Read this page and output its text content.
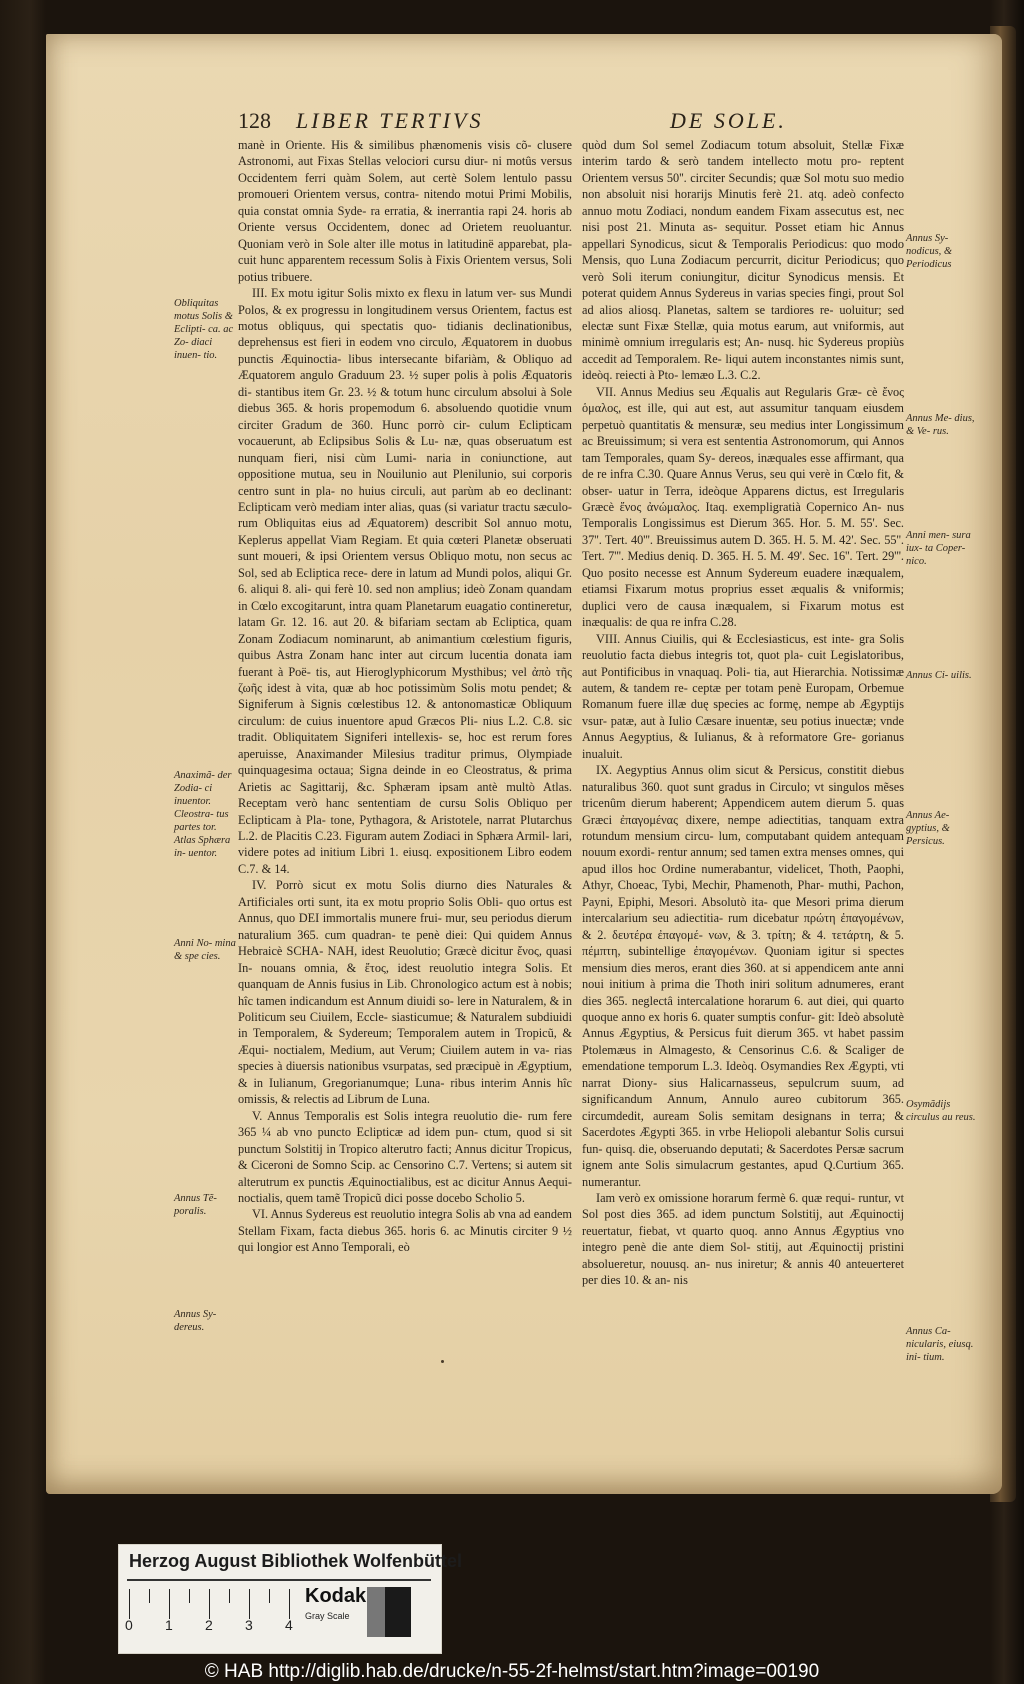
128 LIBER TERTIVS	DE SOLE.

manè in Oriente. His & similibus phænomenis visis cõ- clusere Astronomi, aut Fixas Stellas velociori cursu diur- ni motûs versus Occidentem ferri quàm Solem, aut certè Solem lentulo passu promoueri Orientem versus, contra- nitendo motui Primi Mobilis, quia constat omnia Syde- ra erratia, & inerrantia rapi 24. horis ab Oriente versus Occidentem, donec ad Orietem reuoluantur. Quoniam verò in Sole alter ille motus in latitudinë apparebat, pla- cuit hunc apparentem recessum Solis à Fixis Orientem versus, Soli potius tribuere.

III. Ex motu igitur Solis mixto ex flexu in latum ver- sus Mundi Polos, & ex progressu in longitudinem versus Orientem, factus est motus obliquus, qui spectatis quo- tidianis declinationibus, deprehensus est fieri in eodem vno circulo, Æquatorem in duobus punctis Æquinoctia- libus intersecante bifariàm, & Obliquo ad Æquatorem angulo Graduum 23. ½ super polis à polis Æquatoris di- stantibus item Gr. 23. ½ & totum hunc circulum absolui à Sole diebus 365. & horis propemodum 6. absoluendo quotidie vnum circiter Gradum de 360. Hunc porrò cir- culum Eclipticam vocauerunt, ab Eclipsibus Solis & Lu- næ, quas obseruatum est nunquam fieri, nisi cùm Lumi- naria in coniunctione, aut oppositione mutua, seu in Nouilunio aut Plenilunio, sui corporis centro sunt in pla- no huius circuli, aut parùm ab eo declinant: Eclipticam verò mediam inter alias, quas (si variatur tractu sæculo- rum Obliquitas eius ad Æquatorem) describit Sol annuo motu, Keplerus appellat Viam Regiam. Et quia cœteri Planetæ obseruati sunt moueri, & ipsi Orientem versus Obliquo motu, non secus ac Sol, sed ab Ecliptica rece- dere in latum ad Mundi polos, aliqui Gr. 6. aliqui 8. ali- qui ferè 10. sed non amplius; ideò Zonam quandam in Cœlo excogitarunt, intra quam Planetarum euagatio contineretur, latam Gr. 12. 16. aut 20. & bifariam sectam ab Ecliptica, quam Zonam Zodiacum nominarunt, ab animantium cœlestium figuris, quibus Astra Zonam hanc inter aut circum lucentia donata iam fuerant à Poë- tis, aut Hieroglyphicorum Mysthibus; vel ἀπὸ τῆς ζωῆς idest à vita, quæ ab hoc potissimùm Solis motu pendet; & Signiferum à Signis cœlestibus 12. & antonomasticæ Obliquum circulum: de cuius inuentore apud Græcos Pli- nius L.2. C.8. sic tradit. Obliquitatem Signiferi intellexis- se, hoc est rerum fores aperuisse, Anaximander Milesius traditur primus, Olympiade quinquagesima octaua; Signa deinde in eo Cleostratus, & prima Arietis ac Sagittarij, &c. Sphæram ipsam antè multò Atlas. Receptam verò hanc sententiam de cursu Solis Obliquo per Eclipticam à Pla- tone, Pythagora, & Aristotele, narrat Plutarchus L.2. de Placitis C.23. Figuram autem Zodiaci in Sphæra Armil- lari, videre potes ad initium Libri 1. eiusq. expositionem Libro eodem C.7. & 14.

IV. Porrò sicut ex motu Solis diurno dies Naturales & Artificiales orti sunt, ita ex motu proprio Solis Obli- quo ortus est Annus, quo DEI immortalis munere frui- mur, seu periodus dierum naturalium 365. cum quadran- te penè diei: Qui quidem Annus Hebraicè SCHA- NAH, idest Reuolutio; Græcè dicitur ἔνος, quasi In- nouans omnia, & ἔτος, idest reuolutio integra Solis. Et quanquam de Annis fusius in Lib. Chronologico actum est à nobis; hîc tamen indicandum est Annum diuidi so- lere in Naturalem, & in Politicum seu Ciuilem, Eccle- siasticumue; & Naturalem subdiuidi in Temporalem, & Sydereum; Temporalem autem in Tropicũ, & Æqui- noctialem, Medium, aut Verum; Ciuilem autem in va- rias species à diuersis nationibus vsurpatas, sed præcipuè in Ægyptium, & in Iulianum, Gregorianumque; Luna- ribus interim Annis hîc omissis, & relectis ad Librum de Luna.

V. Annus Temporalis est Solis integra reuolutio die- rum fere 365 ¼ ab vno puncto Eclipticæ ad idem pun- ctum, quod si sit punctum Solstitij in Tropico alterutro facti; Annus dicitur Tropicus, & Ciceroni de Somno Scip. ac Censorino C.7. Vertens; si autem sit alterutrum ex punctis Æquinoctialibus, est ac dicitur Annus Aequi- noctialis, quem tamẽ Tropicũ dici posse docebo Scholio 5.

VI. Annus Sydereus est reuolutio integra Solis ab vna ad eandem Stellam Fixam, facta diebus 365. horis 6. ac Minutis circiter 9 ½ qui longior est Anno Temporali, eò

quòd dum Sol semel Zodiacum totum absoluit, Stellæ Fixæ interim tardo & serò tandem intellecto motu pro- reptent Orientem versus 50''. circiter Secundis; quæ Sol motu suo medio non absoluit nisi horarijs Minutis ferè 21. atq. adeò confecto annuo motu Zodiaci, nondum eandem Fixam assecutus est, nec nisi post 21. Minuta as- sequitur. Posset etiam hic Annus appellari Synodicus, sicut & Temporalis Periodicus: quo modo Mensis, quo Luna Zodiacum percurrit, dicitur Periodicus; quo verò Soli iterum coniungitur, dicitur Synodicus mensis. Et poterat quidem Annus Sydereus in varias species fingi, prout Sol ad alios aliosq. Planetas, saltem se tardiores re- uoluitur; sed electæ sunt Fixæ Stellæ, quia motus earum, aut vniformis, aut minimè omnium irregularis est; An- nusq. hic Sydereus propiùs accedit ad Temporalem. Re- liqui autem inconstantes nimis sunt, ideòq. reiecti à Pto- lemæo L.3. C.2.

VII. Annus Medius seu Æqualis aut Regularis Græ- cè ἔνος ὁμαλος, est ille, qui aut est, aut assumitur tanquam eiusdem perpetuò quantitatis & mensuræ, seu medius inter Longissimum ac Breuissimum; si vera est sententia Astronomorum, qui Annos tam Temporales, quam Sy- dereos, inæquales esse affirmant, qua de re infra C.30. Quare Annus Verus, seu qui verè in Cœlo fit, & obser- uatur in Terra, ideòque Apparens dictus, est Irregularis Græcè ἔνος ἀνώμαλος. Itaq. exempligratià Copernico An- nus Temporalis Longissimus est Dierum 365. Hor. 5. M. 55'. Sec. 37''. Tert. 40'''. Breuissimus autem D. 365. H. 5. M. 42'. Sec. 55''. Tert. 7'''. Medius deniq. D. 365. H. 5. M. 49'. Sec. 16''. Tert. 29'''. Quo posito necesse est Annum Sydereum euadere inæqualem, etiamsi Fixarum motus proprius esset æqualis & vniformis; duplici vero de causa inæqualem, si Fixarum motus est inæqualis: de qua re infra C.28.

VIII. Annus Ciuilis, qui & Ecclesiasticus, est inte- gra Solis reuolutio facta diebus integris tot, quot pla- cuit Legislatoribus, aut Pontificibus in vnaquaq. Poli- tia, aut Hierarchia. Notissimæ autem, & tandem re- ceptæ per totam penè Europam, Orbemue Romanum fuere illæ duę species ac formę, nempe ab Ægyptijs vsur- patæ, aut à Iulio Cæsare inuentæ, seu potius inuectæ; vnde Annus Aegyptius, & Iulianus, & à reformatore Gre- gorianus inualuit.

IX. Aegyptius Annus olim sicut & Persicus, constitit diebus naturalibus 360. quot sunt gradus in Circulo; vt singulos mẽses tricenûm dierum haberent; Appendicem autem dierum 5. quas Græci ἐπαγομένας dixere, nempe adiectitias, tanquam extra rotundum mensium circu- lum, computabant quidem antequam nouum exordi- rentur annum; sed tamen extra menses omnes, qui apud illos hoc Ordine numerabantur, videlicet, Thoth, Paophi, Athyr, Choeac, Tybi, Mechir, Phamenoth, Phar- muthi, Pachon, Payni, Epiphi, Mesori. Absolutò ita- que Mesori prima dierum intercalarium seu adiectitia- rum dicebatur πρώτη ἐπαγομένων, & 2. δευτέρα ἐπαγομέ- νων, & 3. τρίτη; & 4. τετάρτη, & 5. πέμπτη, subintellige ἐπαγομένων. Quoniam igitur si spectes mensium dies meros, erant dies 360. at si appendicem ante anni noui initium à prima die Thoth iniri solitum adnumeres, erant dies 365. neglectâ intercalatione horarum 6. aut diei, qui quarto quoque anno ex horis 6. quater sumptis confur- git: Ideò absolutè Annus Ægyptius, & Persicus fuit dierum 365. vt habet passim Ptolemæus in Almagesto, & Censorinus C.6. & Scaliger de emendatione temporum L.3. Ideòq. Osymandies Rex Ægypti, vti narrat Diony- sius Halicarnasseus, sepulcrum suum, ad significandum Annum, Annulo aureo cubitorum 365. circumdedit, auream Solis semitam designans in terra; & Sacerdotes Ægypti 365. in vrbe Heliopoli alebantur Solis cursui fun- quisq. die, obseruando deputati; & Sacerdotes Persæ sacrum ignem ante Solis simulacrum gestantes, apud Q.Curtium 365. numerantur.

Iam verò ex omissione horarum fermè 6. quæ requi- runtur, vt Sol post dies 365. ad idem punctum Solstitij, aut Æquinoctij reuertatur, fiebat, vt quarto quoq. anno Annus Ægyptius vno integro penè die ante diem Sol- stitij, aut Æquinoctij pristini absolueretur, nouusq. an- nus iniretur; & annis 40 anteuerteret per dies 10. & an- nis

Obliquitas motus Solis & Eclipti- ca. ac Zo- diaci inuen- tio.
Anaximã- der Zodia- ci inuentor. Cleostra- tus partes tor. Atlas Sphæra in- uentor.
Anni No- mina & spe cies.
Annus Tẽ- poralis.
Annus Sy- dereus.
Annus Sy- nodicus, & Periodicus
Annus Me- dius, & Ve- rus.
Anni men- sura iux- ta Coper- nico.
Annus Ci- uilis.
Annus Ae- gyptius, & Persicus.
Osymãdijs circulus au reus.
Annus Ca- nicularis, eiusq. ini- tium.
Herzog August Bibliothek Wolfenbüttel
0 1 2 3 4
Kodak
Gray Scale
© HAB http://diglib.hab.de/drucke/n-55-2f-helmst/start.htm?image=00190
